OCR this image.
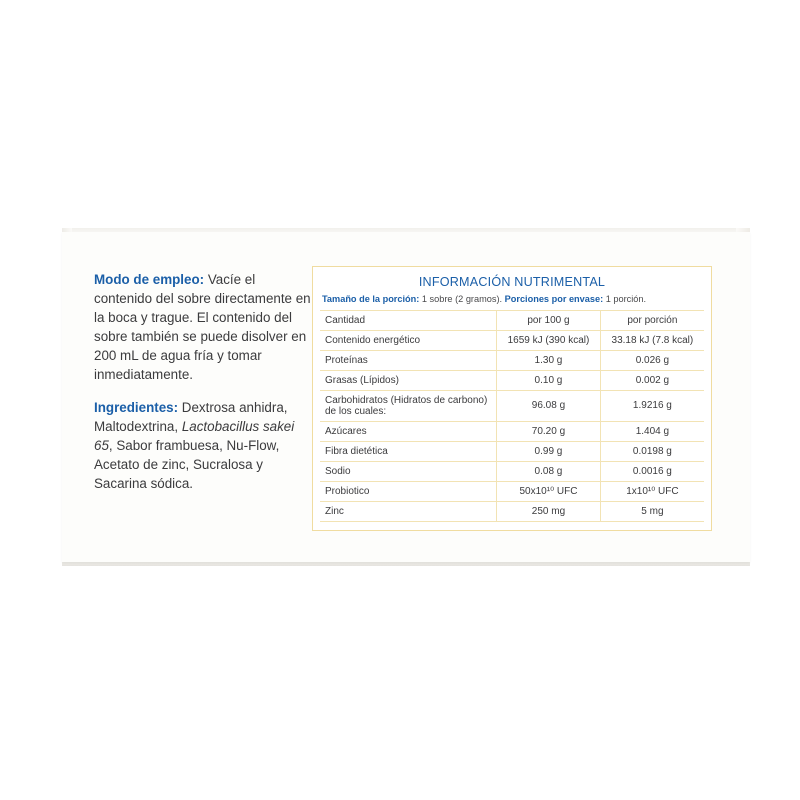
Modo de empleo: Vacíe el contenido del sobre directamente en la boca y trague. El contenido del sobre también se puede disolver en 200 mL de agua fría y tomar inmediatamente.

Ingredientes: Dextrosa anhidra, Maltodextrina, Lactobacillus sakei 65, Sabor frambuesa, Nu-Flow, Acetato de zinc, Sucralosa y Sacarina sódica.

INFORMACIÓN NUTRIMENTAL
Tamaño de la porción: 1 sobre (2 gramos). Porciones por envase: 1 porción.
Cantidad	por 100 g	por porción
Contenido energético	1659 kJ (390 kcal)	33.18 kJ (7.8 kcal)
Proteínas	1.30 g	0.026 g
Grasas (Lípidos)	0.10 g	0.002 g
Carbohidratos (Hidratos de carbono) de los cuales:	96.08 g	1.9216 g
Azúcares	70.20 g	1.404 g
Fibra dietética	0.99 g	0.0198 g
Sodio	0.08 g	0.0016 g
Probiotico	50x10¹⁰ UFC	1x10¹⁰ UFC
Zinc	250 mg	5 mg
